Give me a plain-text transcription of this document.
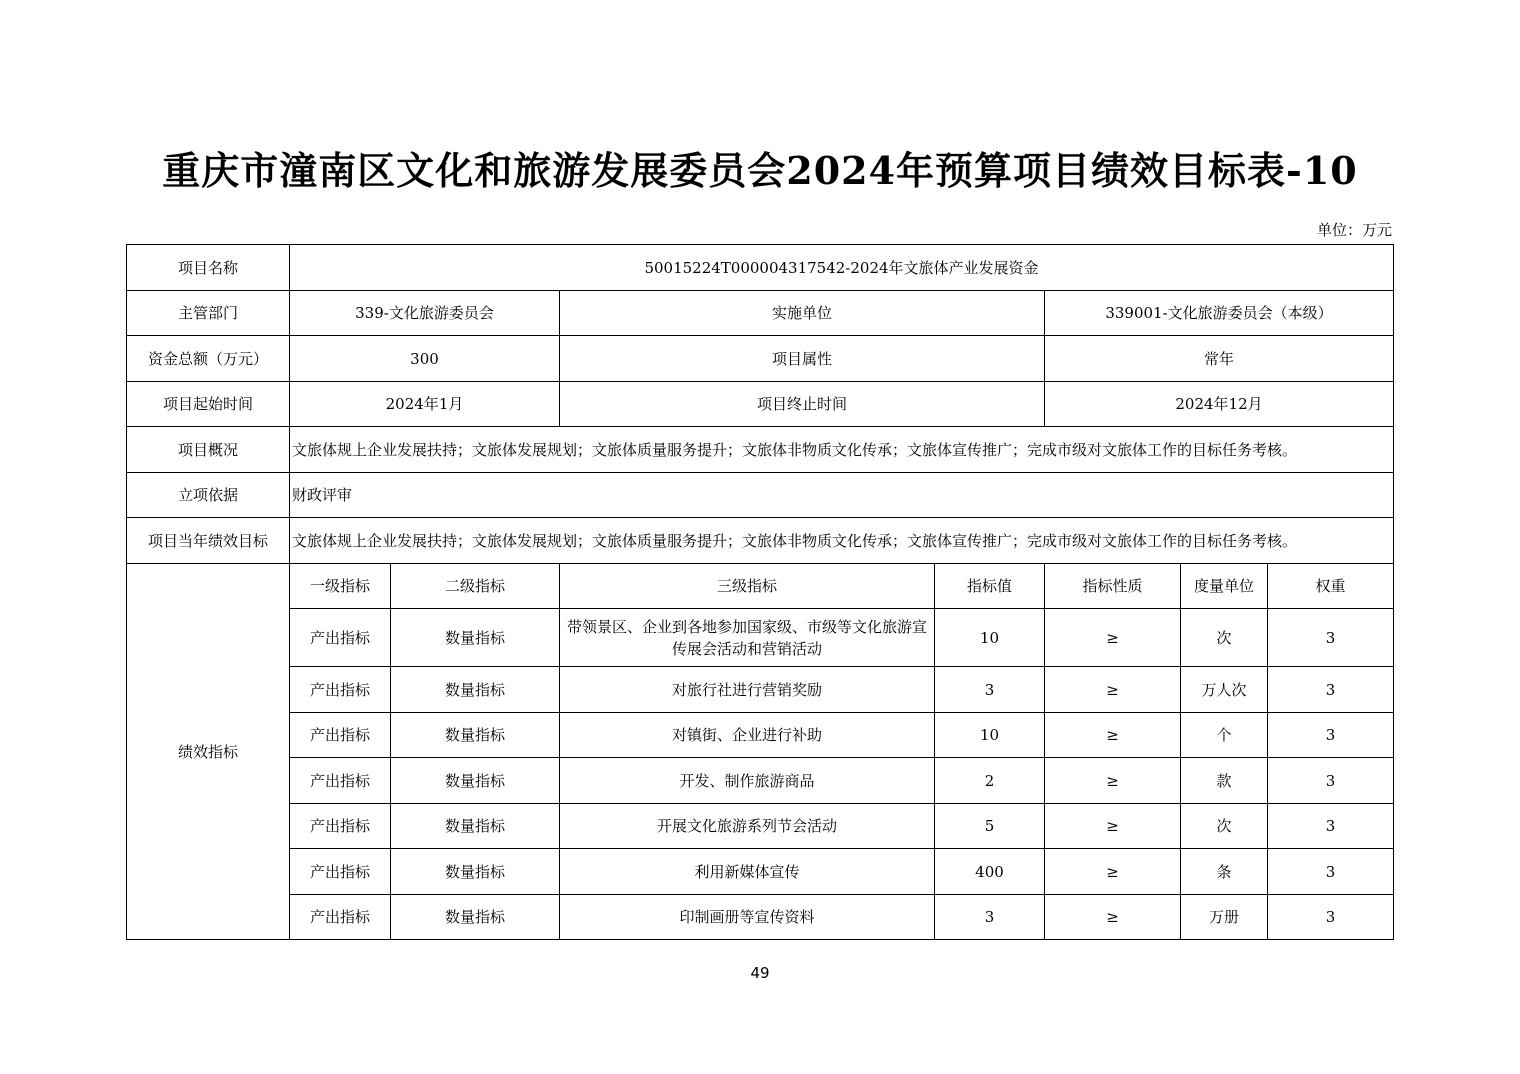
重庆市潼南区文化和旅游发展委员会2024年预算项目绩效目标表-10
单位：万元
项目名称	50015224T000004317542-2024年文旅体产业发展资金						
主管部门	339-文化旅游委员会		实施单位		339001-文化旅游委员会（本级）		
资金总额（万元）	300		项目属性		常年		
项目起始时间	2024年1月		项目终止时间		2024年12月		
项目概况	文旅体规上企业发展扶持；文旅体发展规划；文旅体质量服务提升；文旅体非物质文化传承；文旅体宣传推广；完成市级对文旅体工作的目标任务考核。						
立项依据	财政评审						
项目当年绩效目标	文旅体规上企业发展扶持；文旅体发展规划；文旅体质量服务提升；文旅体非物质文化传承；文旅体宣传推广；完成市级对文旅体工作的目标任务考核。						
绩效指标	一级指标	二级指标	三级指标	指标值	指标性质	度量单位	权重
	产出指标	数量指标	带领景区、企业到各地参加国家级、市级等文化旅游宣传展会活动和营销活动	10	≥	次	3
	产出指标	数量指标	对旅行社进行营销奖励	3	≥	万人次	3
	产出指标	数量指标	对镇街、企业进行补助	10	≥	个	3
	产出指标	数量指标	开发、制作旅游商品	2	≥	款	3
	产出指标	数量指标	开展文化旅游系列节会活动	5	≥	次	3
	产出指标	数量指标	利用新媒体宣传	400	≥	条	3
	产出指标	数量指标	印制画册等宣传资料	3	≥	万册	3
49
